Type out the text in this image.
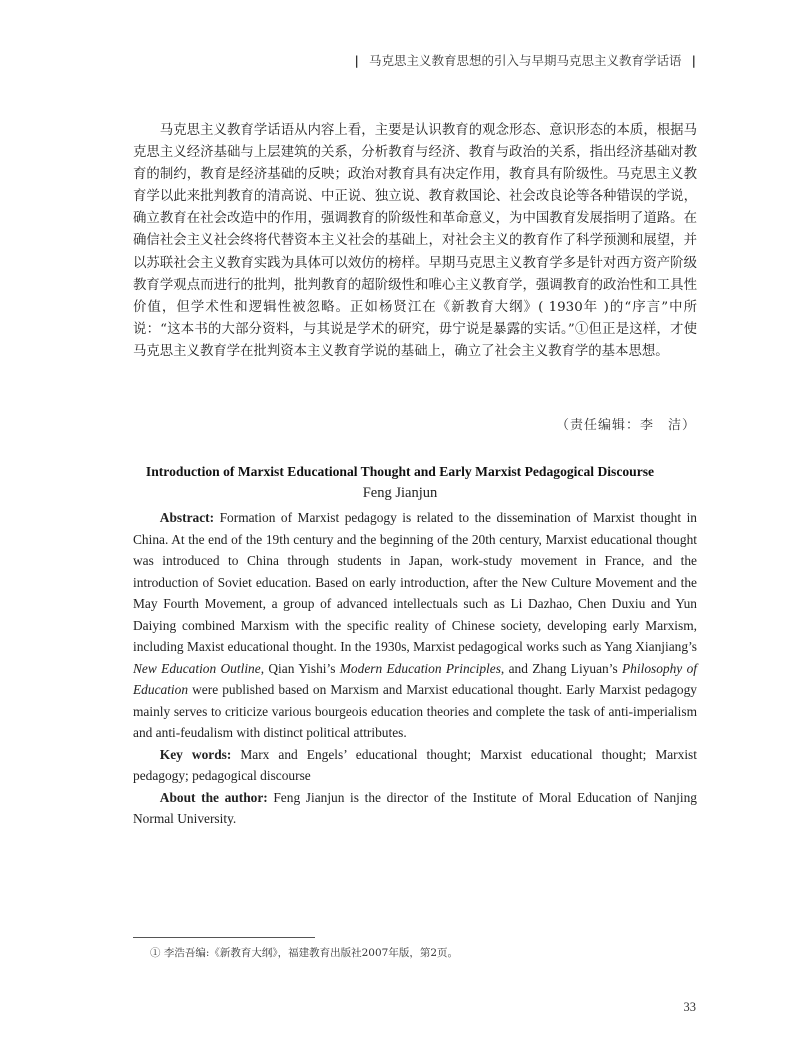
| 马克思主义教育思想的引入与早期马克思主义教育学话语 |

马克思主义教育学话语从内容上看，主要是认识教育的观念形态、意识形态的本质，根据马克思主义经济基础与上层建筑的关系，分析教育与经济、教育与政治的关系，指出经济基础对教育的制约，教育是经济基础的反映；政治对教育具有决定作用，教育具有阶级性。马克思主义教育学以此来批判教育的清高说、中正说、独立说、教育救国论、社会改良论等各种错误的学说，确立教育在社会改造中的作用，强调教育的阶级性和革命意义，为中国教育发展指明了道路。在确信社会主义社会终将代替资本主义社会的基础上，对社会主义的教育作了科学预测和展望，并以苏联社会主义教育实践为具体可以效仿的榜样。早期马克思主义教育学多是针对西方资产阶级教育学观点而进行的批判，批判教育的超阶级性和唯心主义教育学，强调教育的政治性和工具性价值，但学术性和逻辑性被忽略。正如杨贤江在《新教育大纲》( 1930年 )的“序言”中所说：“这本书的大部分资料，与其说是学术的研究，毋宁说是暴露的实话。”①但正是这样，才使马克思主义教育学在批判资本主义教育学说的基础上，确立了社会主义教育学的基本思想。

（责任编辑：李　洁）
Introduction of Marxist Educational Thought and Early Marxist Pedagogical Discourse
Feng Jianjun

Abstract: Formation of Marxist pedagogy is related to the dissemination of Marxist thought in China. At the end of the 19th century and the beginning of the 20th century, Marxist educational thought was introduced to China through students in Japan, work-study movement in France, and the introduction of Soviet education. Based on early introduction, after the New Culture Movement and the May Fourth Movement, a group of advanced intellectuals such as Li Dazhao, Chen Duxiu and Yun Daiying combined Marxism with the specific reality of Chinese society, developing early Marxism, including Maxist educational thought. In the 1930s, Marxist pedagogical works such as Yang Xianjiang’s New Education Outline, Qian Yishi’s Modern Education Principles, and Zhang Liyuan’s Philosophy of Education were published based on Marxism and Marxist educational thought. Early Marxist pedagogy mainly serves to criticize various bourgeois education theories and complete the task of anti-imperialism and anti-feudalism with distinct political attributes.

Key words: Marx and Engels’ educational thought; Marxist educational thought; Marxist pedagogy; pedagogical discourse

About the author: Feng Jianjun is the director of the Institute of Moral Education of Nanjing Normal University.

① 李浩吾编:《新教育大纲》，福建教育出版社2007年版，第2页。
33
